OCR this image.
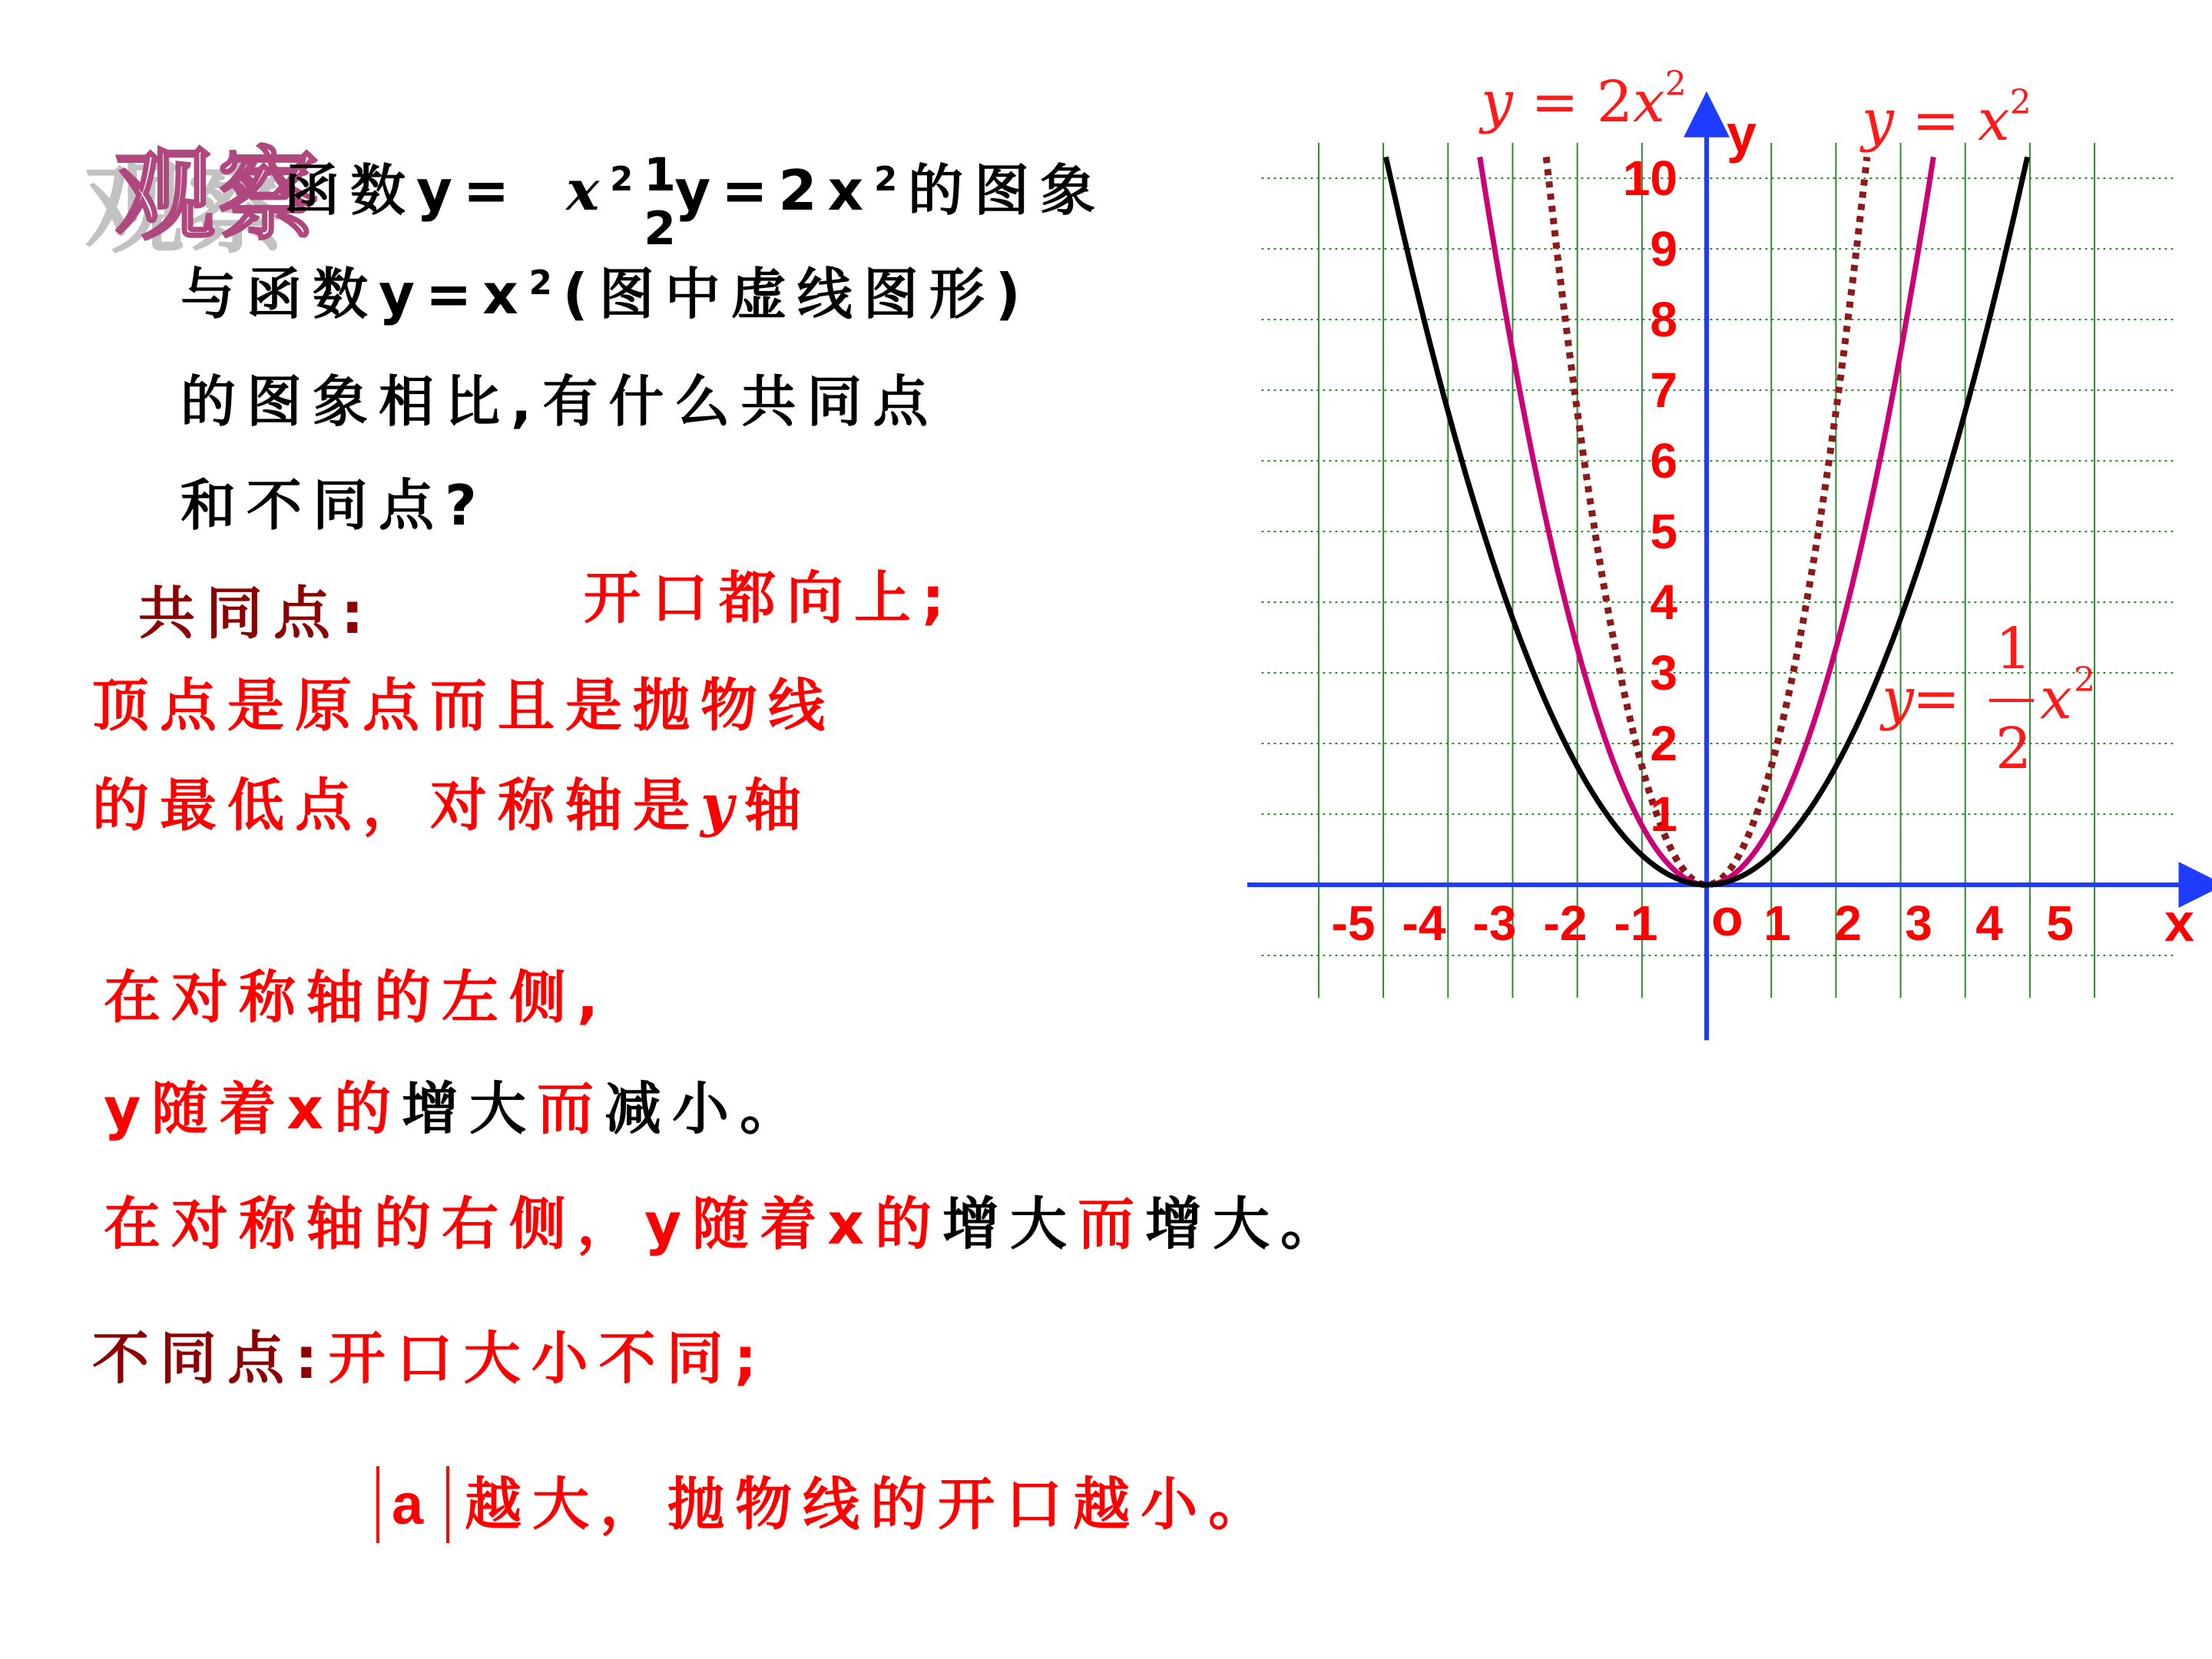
-5 -4 -3 -2 -1 1 2 3 4 5
1
2
3
4
5
6
7
8
9
10
x
y
o
y = 2x$^2$
y = x$^2$
y
=
1
2
x 2
观察
函数$y= x^2$ 1
2
$y=2x^2$的图象
与函数$y=x^2$(图中虚线图形)
的图象相比,有什么共同点
和不同点?
共同点:	开口都向上;
顶点是原点而且是抛物线
的最低点，对称轴是y轴
在对称轴的左侧,
y随着x的增大而减小。
在对称轴的右侧，y随着x的增大而增大。
不同点:开口大小不同;
a 越大，抛物线的开口越小。
